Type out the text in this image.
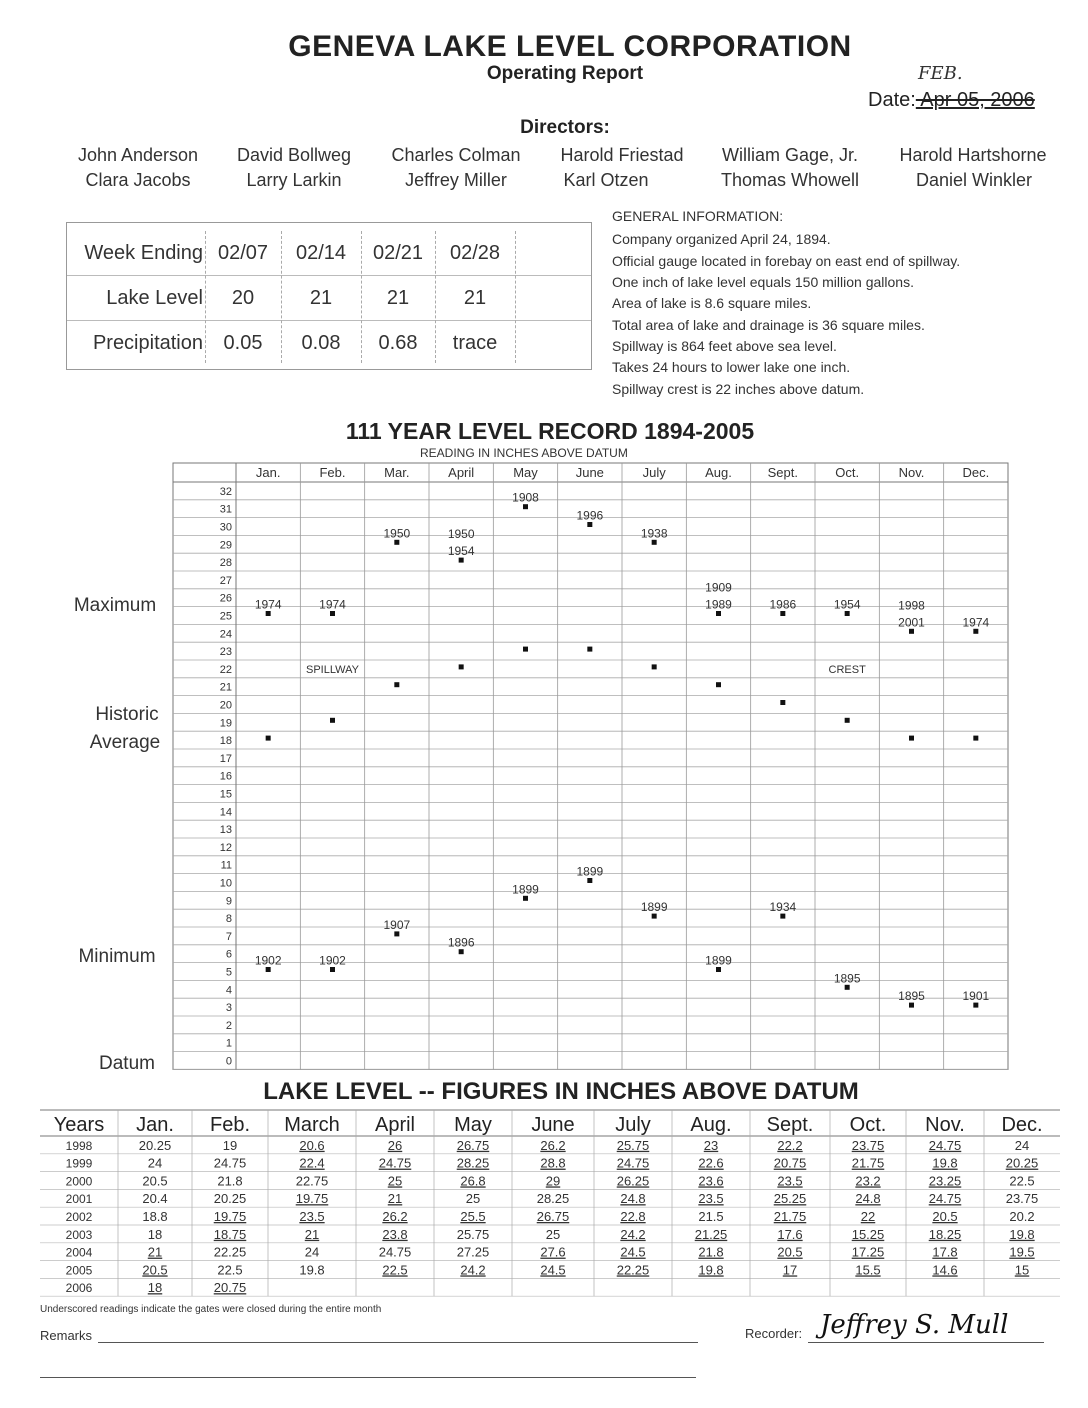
GENEVA LAKE LEVEL CORPORATION
Operating Report	FEB.
Date: Apr 05, 2006
Directors:
John Anderson	David Bollweg	Charles Colman	Harold Friestad	William Gage, Jr.	Harold Hartshorne
Clara Jacobs	Larry Larkin	Jeffrey Miller	Karl Otzen	Thomas Whowell	Daniel Winkler
Week Ending 02/07	02/14	02/21	02/28
Lake Level	20	21	21	21
Precipitation	0.05	0.08	0.68	trace
GENERAL INFORMATION:
Company organized April 24, 1894.
Official gauge located in forebay on east end of spillway.
One inch of lake level equals 150 million gallons.
Area of lake is 8.6 square miles.
Total area of lake and drainage is 36 square miles.
Spillway is 864 feet above sea level.
Takes 24 hours to lower lake one inch.
Spillway crest is 22 inches above datum.
111 YEAR LEVEL RECORD 1894-2005
READING IN INCHES ABOVE DATUM
Maximum
Historic
Average
Minimum
Datum
Jan.	Feb.	Mar.	April	May	June	July	Aug.	Sept.	Oct.	Nov.	Dec.
0
1
2
3
4
5
6
7
8
9
10
11
12
13
14
15
16
17
18
19
20
21
22
23
24
25
26
27
28
29
30
31
32
1974	1974
1950	1950
1954
1908
1996
1938
1909
1989	1986	1954	1998
2001	1974
1902	1902
1907
1896
1899
1899
1899
1899
1934
1895
1895	1901
SPILLWAY	CREST
LAKE LEVEL -- FIGURES IN INCHES ABOVE DATUM
Years Jan. Feb. March April May June July Aug. Sept. Oct. Nov. Dec.
1998	20.25	19	20.6	26	26.75	26.2	25.75	23	22.2	23.75	24.75	24
1999	24	24.75	22.4	24.75	28.25	28.8	24.75	22.6	20.75	21.75	19.8	20.25
2000	20.5	21.8	22.75	25	26.8	29	26.25	23.6	23.5	23.2	23.25	22.5
2001	20.4	20.25	19.75	21	25	28.25	24.8	23.5	25.25	24.8	24.75	23.75
2002	18.8	19.75	23.5	26.2	25.5	26.75	22.8	21.5	21.75	22	20.5	20.2
2003	18	18.75	21	23.8	25.75	25	24.2	21.25	17.6	15.25	18.25	19.8
2004	21	22.25	24	24.75	27.25	27.6	24.5	21.8	20.5	17.25	17.8	19.5
2005	20.5	22.5	19.8	22.5	24.2	24.5	22.25	19.8	17	15.5	14.6	15
2006	18	20.75
Underscored readings indicate the gates were closed during the entire month
Remarks	Recorder: Jeffrey S. Mull
